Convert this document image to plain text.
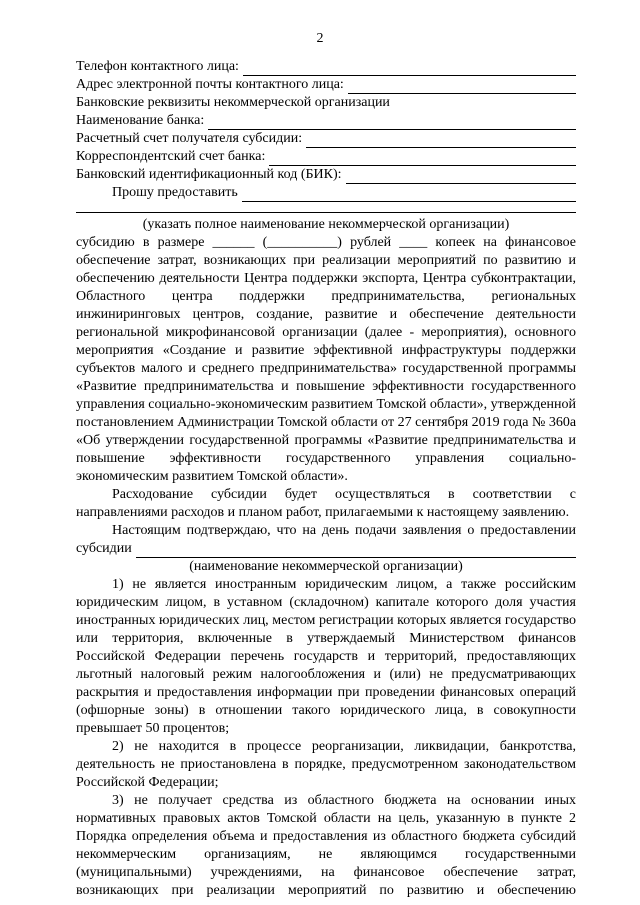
2
Телефон контактного лица:
Адрес электронной почты контактного лица:
Банковские реквизиты некоммерческой организации
Наименование банка:
Расчетный счет получателя субсидии:
Корреспондентский счет банка:
Банковский идентификационный код (БИК):
Прошу предоставить
(указать полное наименование некоммерческой организации)
субсидию в размере ______ (__________) рублей ____ копеек на финансовое
обеспечение затрат, возникающих при реализации мероприятий по развитию и
обеспечению деятельности Центра поддержки экспорта, Центра субконтрактации,
Областного центра поддержки предпринимательства, региональных
инжиниринговых центров, создание, развитие и обеспечение деятельности
региональной микрофинансовой организации (далее - мероприятия), основного
мероприятия «Создание и развитие эффективной инфраструктуры поддержки
субъектов малого и среднего предпринимательства» государственной программы
«Развитие предпринимательства и повышение эффективности государственного
управления социально-экономическим развитием Томской области», утвержденной
постановлением Администрации Томской области от 27 сентября 2019 года № 360а
«Об утверждении государственной программы «Развитие предпринимательства и
повышение эффективности государственного управления социально-
экономическим развитием Томской области».
Расходование субсидии будет осуществляться в соответствии с
направлениями расходов и планом работ, прилагаемыми к настоящему заявлению.
Настоящим подтверждаю, что на день подачи заявления о предоставлении
субсидии
(наименование некоммерческой организации)
1) не является иностранным юридическим лицом, а также российским
юридическим лицом, в уставном (складочном) капитале которого доля участия
иностранных юридических лиц, местом регистрации которых является государство
или территория, включенные в утверждаемый Министерством финансов
Российской Федерации перечень государств и территорий, предоставляющих
льготный налоговый режим налогообложения и (или) не предусматривающих
раскрытия и предоставления информации при проведении финансовых операций
(офшорные зоны) в отношении такого юридического лица, в совокупности
превышает 50 процентов;
2) не находится в процессе реорганизации, ликвидации, банкротства,
деятельность не приостановлена в порядке, предусмотренном законодательством
Российской Федерации;
3) не получает средства из областного бюджета на основании иных
нормативных правовых актов Томской области на цель, указанную в пункте 2
Порядка определения объема и предоставления из областного бюджета субсидий
некоммерческим организациям, не являющимся государственными
(муниципальными) учреждениями, на финансовое обеспечение затрат,
возникающих при реализации мероприятий по развитию и обеспечению
